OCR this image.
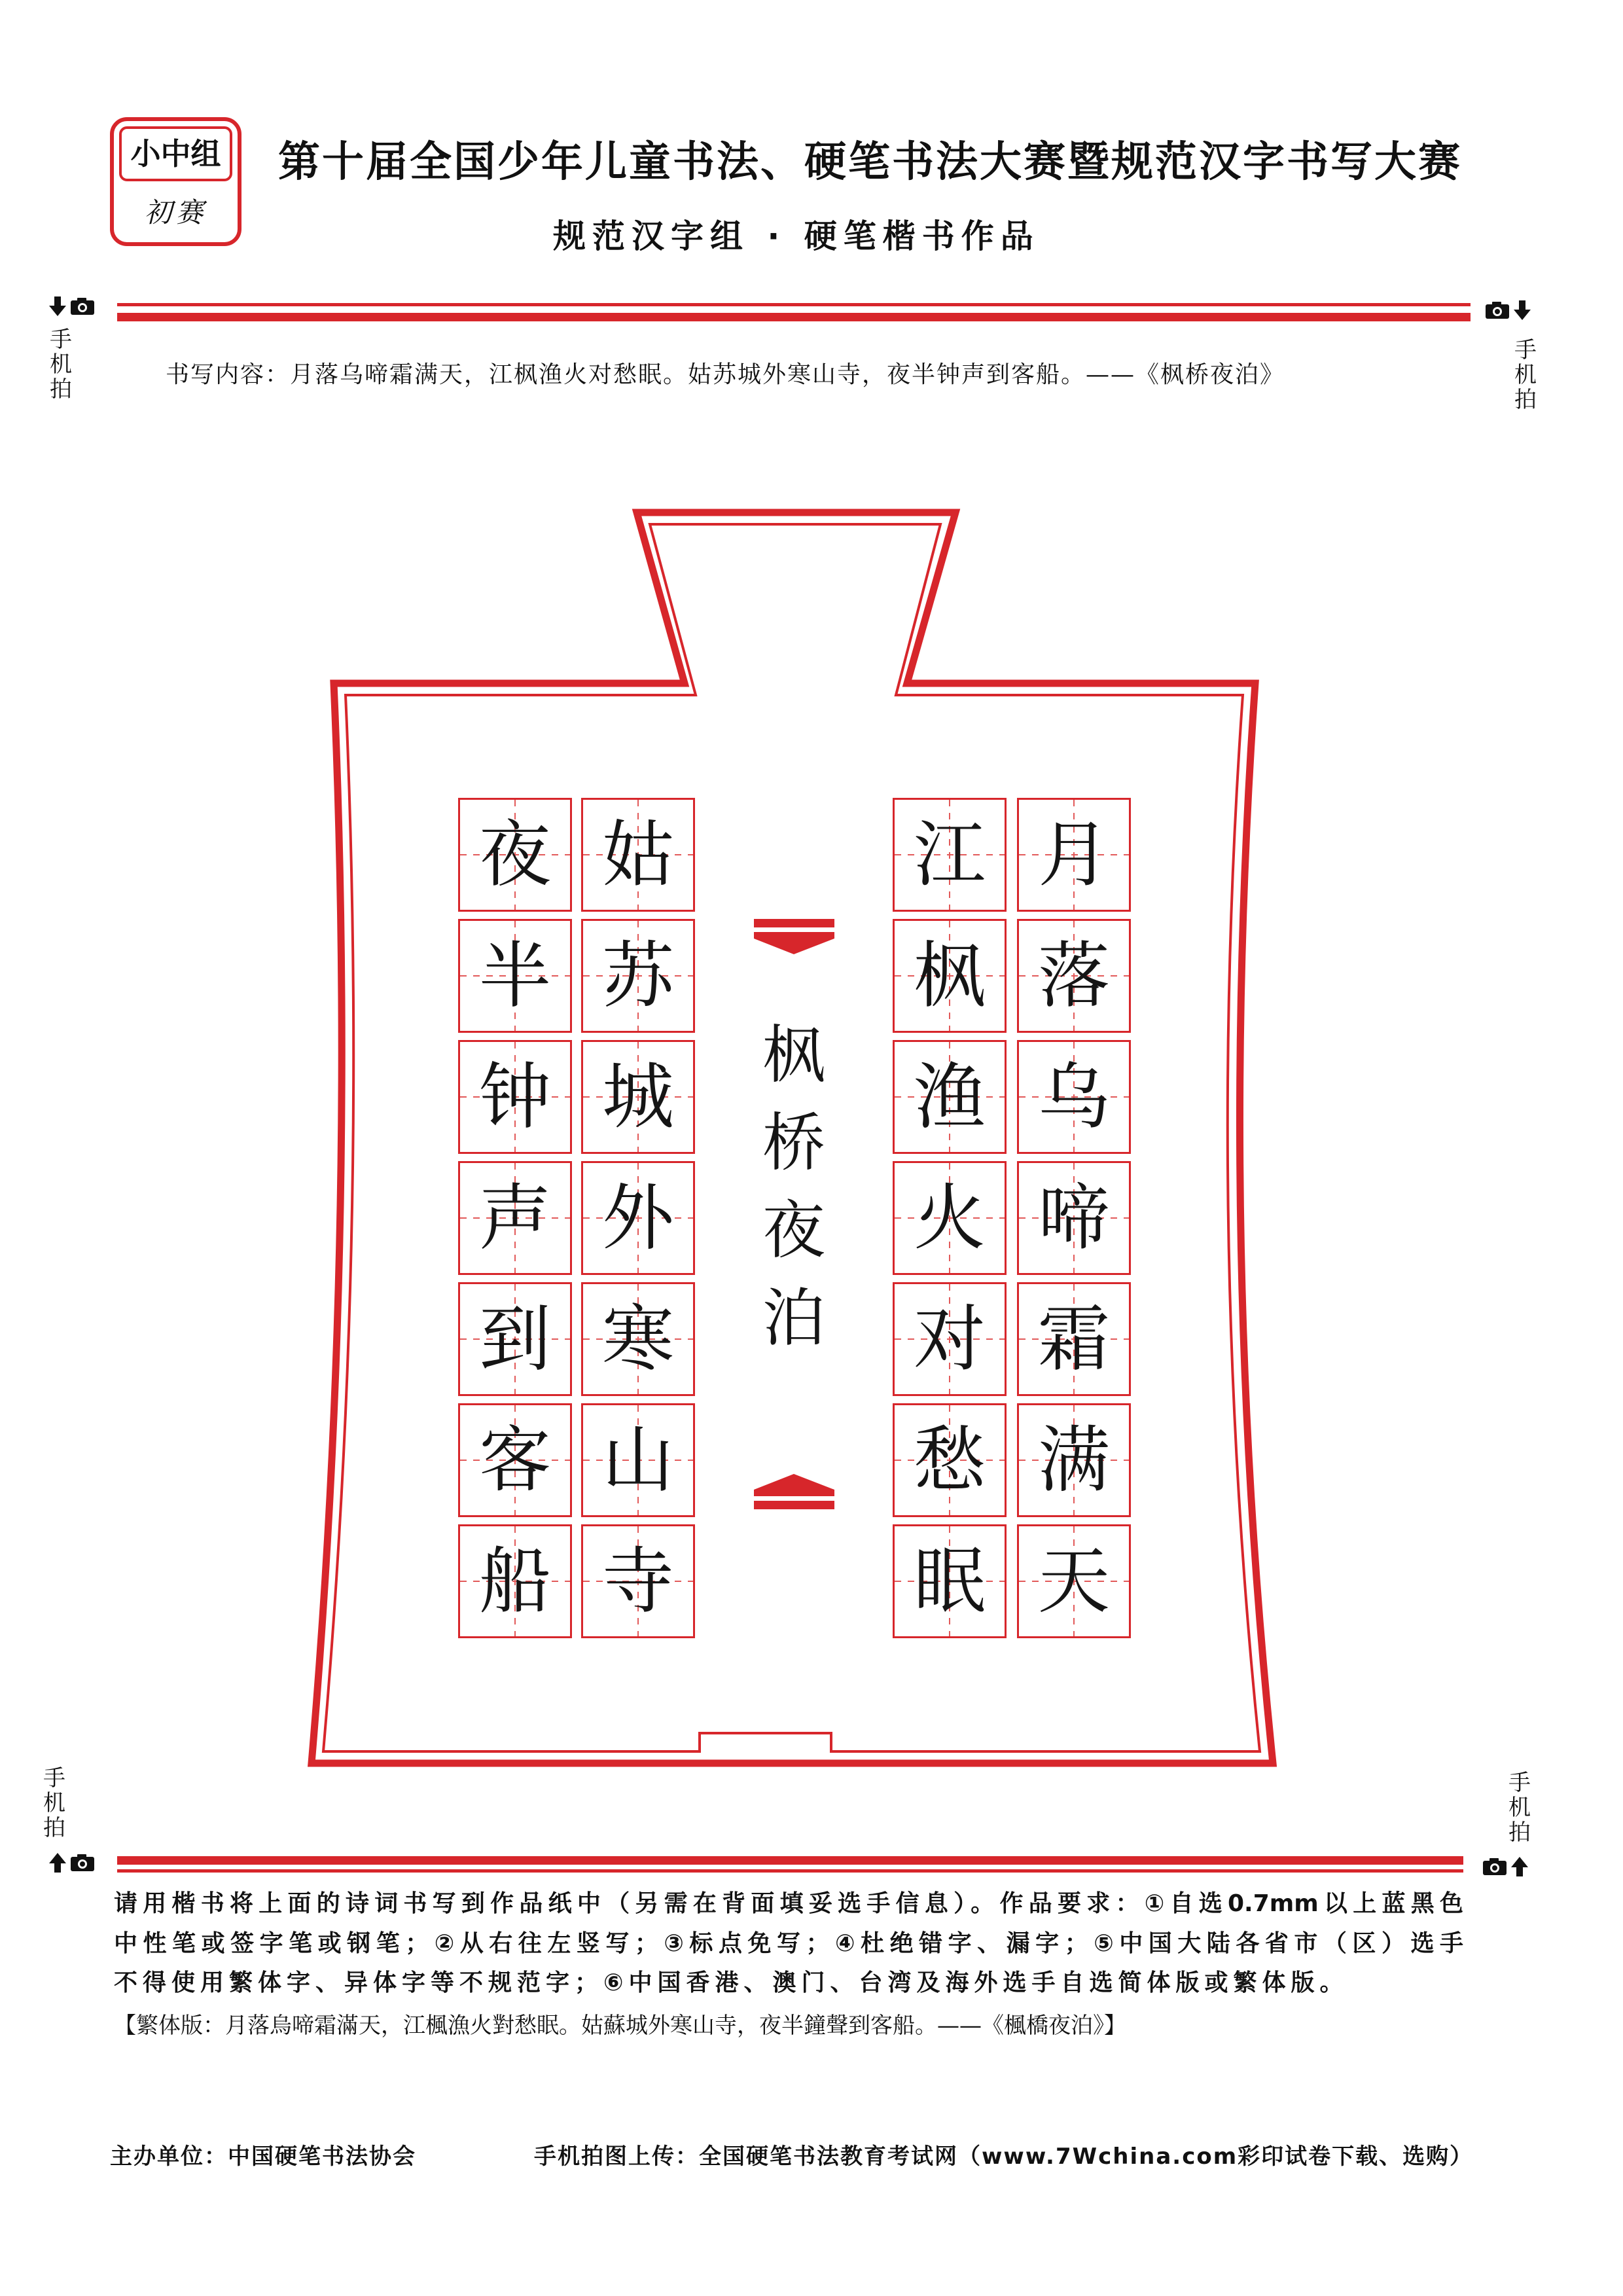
小中组
初赛
第十届全国少年儿童书法、硬笔书法大赛暨规范汉字书写大赛
规范汉字组 · 硬笔楷书作品
手机拍
手机拍
书写内容：月落乌啼霜满天，江枫渔火对愁眠。姑苏城外寒山寺，夜半钟声到客船。——《枫桥夜泊》
枫
桥
夜
泊
月
落
乌
啼
霜
满
天
江
枫
渔
火
对
愁
眠
姑
苏
城
外
寒
山
寺
夜
半
钟
声
到
客
船
手机拍
手机拍
请用楷书将上面的诗词书写到作品纸中（另需在背面填妥选手信息）。作品要求：①自选0.7mm以上蓝黑色
中性笔或签字笔或钢笔；②从右往左竖写；③标点免写；④杜绝错字、漏字；⑤中国大陆各省市（区）选手
不得使用繁体字、异体字等不规范字；⑥中国香港、澳门、台湾及海外选手自选简体版或繁体版。
【繁体版：月落烏啼霜滿天，江楓漁火對愁眠。姑蘇城外寒山寺，夜半鐘聲到客船。——《楓橋夜泊》】
主办单位：中国硬笔书法协会	手机拍图上传：全国硬笔书法教育考试网（www.7Wchina.com彩印试卷下载、选购）
